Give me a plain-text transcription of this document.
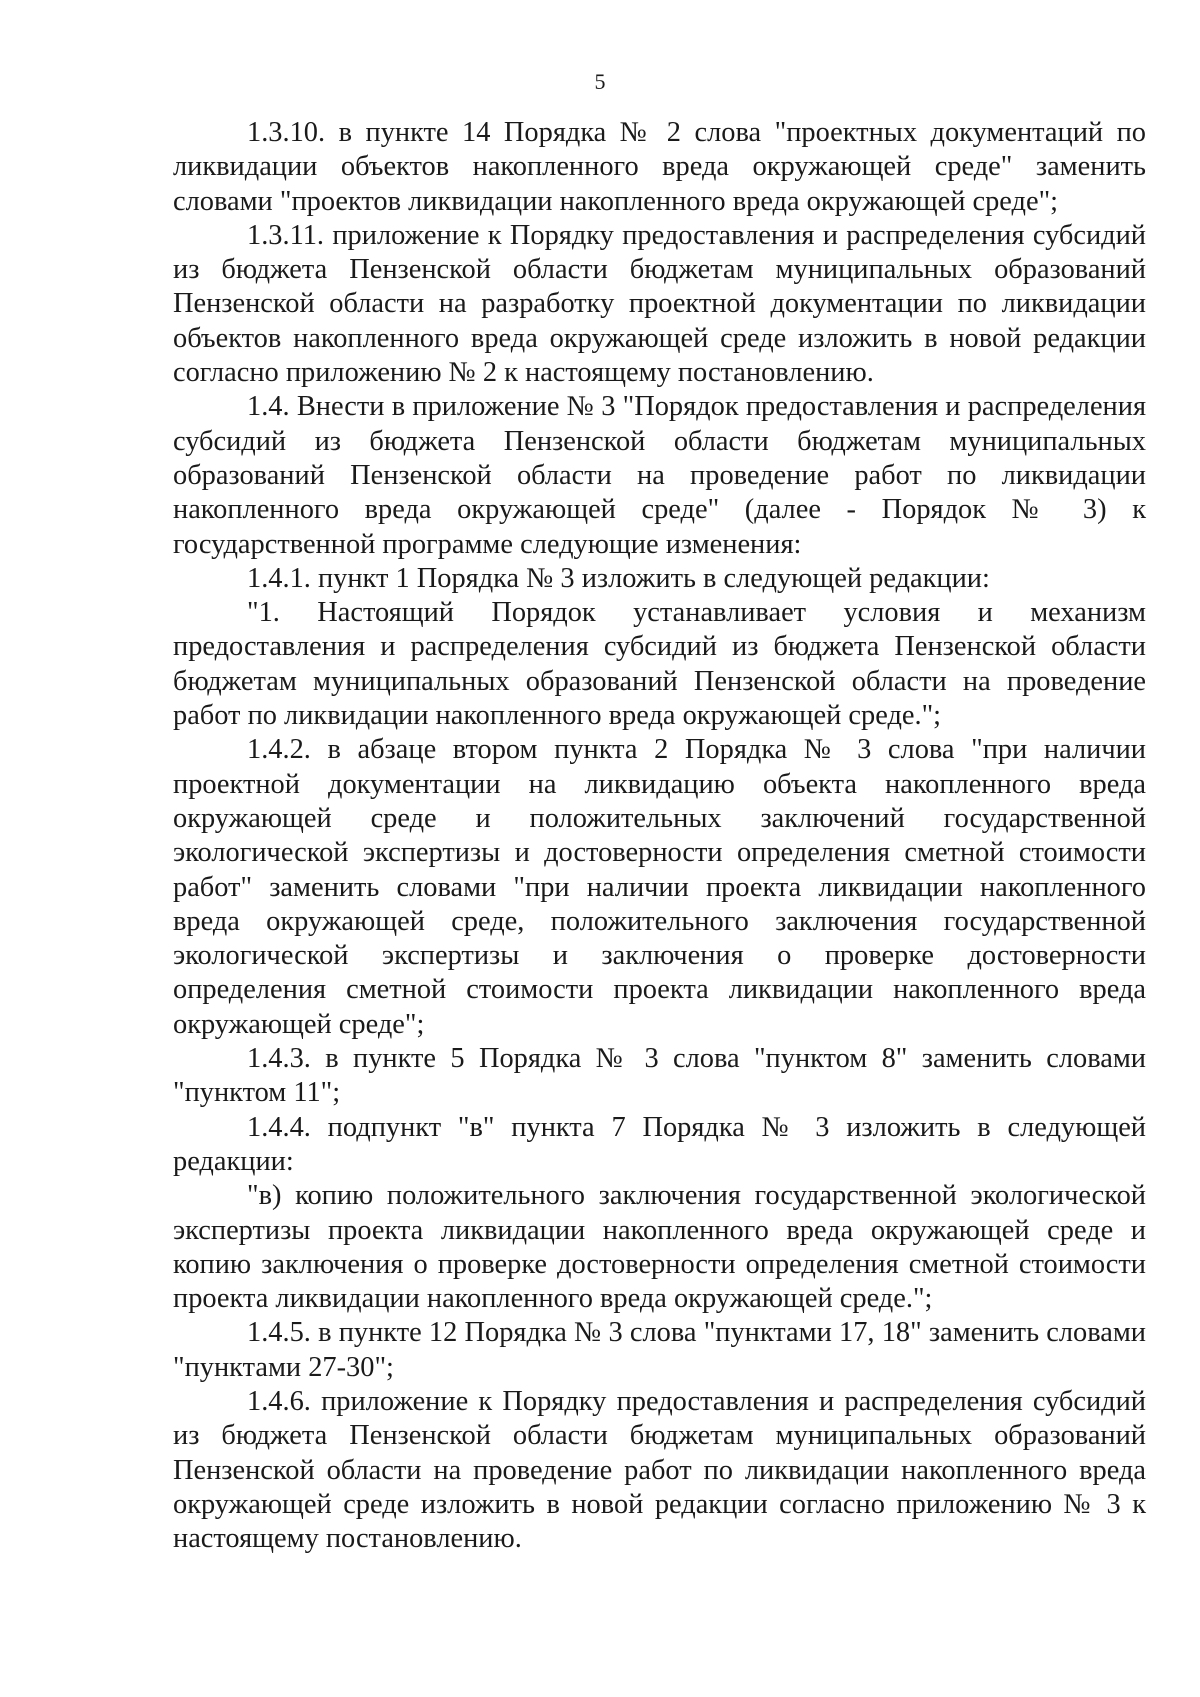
5

1.3.10. в пункте 14 Порядка № 2 слова "проектных документаций по ликвидации объектов накопленного вреда окружающей среде" заменить словами "проектов ликвидации накопленного вреда окружающей среде";

1.3.11. приложение к Порядку предоставления и распределения субсидий из бюджета Пензенской области бюджетам муниципальных образований Пензенской области на разработку проектной документации по ликвидации объектов накопленного вреда окружающей среде изложить в новой редакции согласно приложению № 2 к настоящему постановлению.

1.4. Внести в приложение № 3 "Порядок предоставления и распределения субсидий из бюджета Пензенской области бюджетам муниципальных образований Пензенской области на проведение работ по ликвидации накопленного вреда окружающей среде" (далее - Порядок № 3) к государственной программе следующие изменения:

1.4.1. пункт 1 Порядка № 3 изложить в следующей редакции:

"1. Настоящий Порядок устанавливает условия и механизм предоставления и распределения субсидий из бюджета Пензенской области бюджетам муниципальных образований Пензенской области на проведение работ по ликвидации накопленного вреда окружающей среде.";

1.4.2. в абзаце втором пункта 2 Порядка № 3 слова "при наличии проектной документации на ликвидацию объекта накопленного вреда окружающей среде и положительных заключений государственной экологической экспертизы и достоверности определения сметной стоимости работ" заменить словами "при наличии проекта ликвидации накопленного вреда окружающей среде, положительного заключения государственной экологической экспертизы и заключения о проверке достоверности определения сметной стоимости проекта ликвидации накопленного вреда окружающей среде";

1.4.3. в пункте 5 Порядка № 3 слова "пунктом 8" заменить словами "пунктом 11";

1.4.4. подпункт "в" пункта 7 Порядка № 3 изложить в следующей редакции:

"в) копию положительного заключения государственной экологической экспертизы проекта ликвидации накопленного вреда окружающей среде и копию заключения о проверке достоверности определения сметной стоимости проекта ликвидации накопленного вреда окружающей среде.";

1.4.5. в пункте 12 Порядка № 3 слова "пунктами 17, 18" заменить словами "пунктами 27-30";

1.4.6. приложение к Порядку предоставления и распределения субсидий из бюджета Пензенской области бюджетам муниципальных образований Пензенской области на проведение работ по ликвидации накопленного вреда окружающей среде изложить в новой редакции согласно приложению № 3 к настоящему постановлению.
